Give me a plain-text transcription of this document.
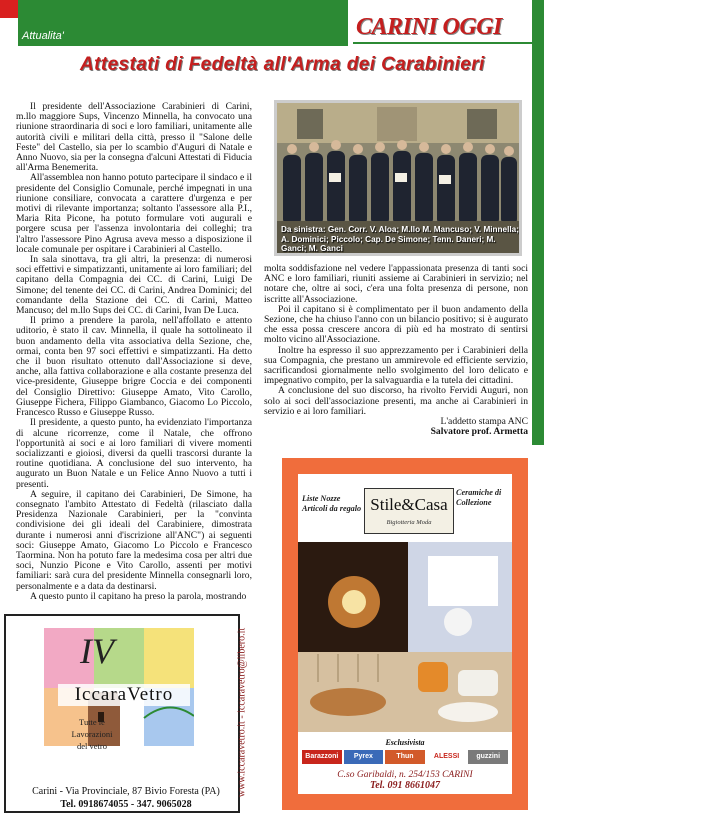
Attualita'	CARINI OGGI
Attestati di Fedeltà all'Arma dei Carabinieri

Il presidente dell'Associazione Carabinieri di Carini, m.llo maggiore Sups, Vincenzo Minnella, ha convocato una riunione straordinaria di soci e loro familiari, unitamente alle autorità civili e militari della città, presso il "Salone delle Feste" del Castello, sia per lo scambio d'Auguri di Natale e Anno Nuovo, sia per la consegna d'alcuni Attestati di Fiducia all'Arma Benemerita.

All'assemblea non hanno potuto partecipare il sindaco e il presidente del Consiglio Comunale, perché impegnati in una riunione consiliare, convocata a carattere d'urgenza e per motivi di rilevante importanza; soltanto l'assessore alla P.I., Maria Rita Picone, ha potuto formulare voti augurali e porgere scusa per l'assenza involontaria dei colleghi; tra l'altro l'assessore Pino Agrusa aveva messo a disposizione il locale comunale per ospitare i Carabinieri al Castello.

In sala sinottava, tra gli altri, la presenza: di numerosi soci effettivi e simpatizzanti, unitamente ai loro familiari; del capitano della Compagnia dei CC. di Carini, Luigi De Simone; del tenente dei CC. di Carini, Andrea Dominici; del comandante della Stazione dei CC. di Carini, Matteo Mancuso; del m.llo Sups dei CC. di Carini, Ivan De Luca.

Il primo a prendere la parola, nell'affollato e attento uditorio, è stato il cav. Minnella, il quale ha sottolineato il buon andamento della vita associativa della Sezione, che, ormai, conta ben 97 soci effettivi e simpatizzanti. Ha detto che il buon risultato ottenuto dall'Associazione si deve, anche, alla fattiva collaborazione e alla costante presenza del vice-presidente, Giuseppe brigre Coccia e dei componenti del Consiglio Direttivo: Giuseppe Amato, Vito Carollo, Giuseppe Fichera, Filippo Giambanco, Giacomo Lo Piccolo, Francesco Russo e Giuseppe Russo.

Il presidente, a questo punto, ha evidenziato l'importanza di alcune ricorrenze, come il Natale, che offrono l'opportunità ai soci e ai loro familiari di vivere momenti socializzanti e gioiosi, diversi da quelli trascorsi durante la routine quotidiana. A conclusione del suo intervento, ha augurato un Buon Natale e un Felice Anno Nuovo a tutti i presenti.

A seguire, il capitano dei Carabinieri, De Simone, ha consegnato l'ambito Attestato di Fedeltà (rilasciato dalla Presidenza Nazionale Carabinieri, per la "convinta condivisione dei gli ideali del Carabiniere, dimostrata durante i numerosi anni d'iscrizione all'ANC") ai seguenti soci: Giuseppe Amato, Giacomo Lo Piccolo e Francesco Taormina. Non ha potuto fare la medesima cosa per altri due soci, Nunzio Picone e Vito Carollo, assenti per motivi familiari: sarà cura del presidente Minnella consegnarli loro, personalmente e a data da destinarsi.

A questo punto il capitano ha preso la parola, mostrando

Da sinistra: Gen. Corr. V. Aloa; M.llo M. Mancuso; V. Minnella; A. Dominici; Piccolo; Cap. De Simone; Tenn. Daneri; M. Ganci; M. Ganci

molta soddisfazione nel vedere l'appassionata presenza di tanti soci ANC e loro familiari, riuniti assieme ai Carabinieri in servizio; nel notare che, oltre ai soci, c'era una folta presenza di persone, non iscritte all'Associazione.

Poi il capitano si è complimentato per il buon andamento della Sezione, che ha chiuso l'anno con un bilancio positivo; si è augurato che essa possa crescere ancora di più ed ha mostrato di sentirsi molto vicino all'Associazione.

Inoltre ha espresso il suo apprezzamento per i Carabinieri della sua Compagnia, che prestano un ammirevole ed efficiente servizio, sacrificandosi giornalmente nello svolgimento del loro delicato e impegnativo compito, per la salvaguardia e la tutela dei cittadini.

A conclusione del suo discorso, ha rivolto Fervidi Auguri, non solo ai soci dell'associazione presenti, ma anche ai Carabinieri in servizio e ai loro familiari.

L'addetto stampa ANC
Salvatore prof. Armetta
IV
IccaraVetro
Tutte le
Lavorazioni
del vetro
Carini - Via Provinciale, 87 Bivio Foresta (PA)
Tel. 0918674055 - 347. 9065028
www.iccaravetro.it - iccaravetro@libero.it
Liste Nozze Articoli da regalo Stile&Casa
Bigiotteria Moda
Ceramiche di Collezione
Esclusivista
Barazzoni	Pyrex	Thun	ALESSI	guzzini
C.so Garibaldi, n. 254/153 CARINI
Tel. 091 8661047
